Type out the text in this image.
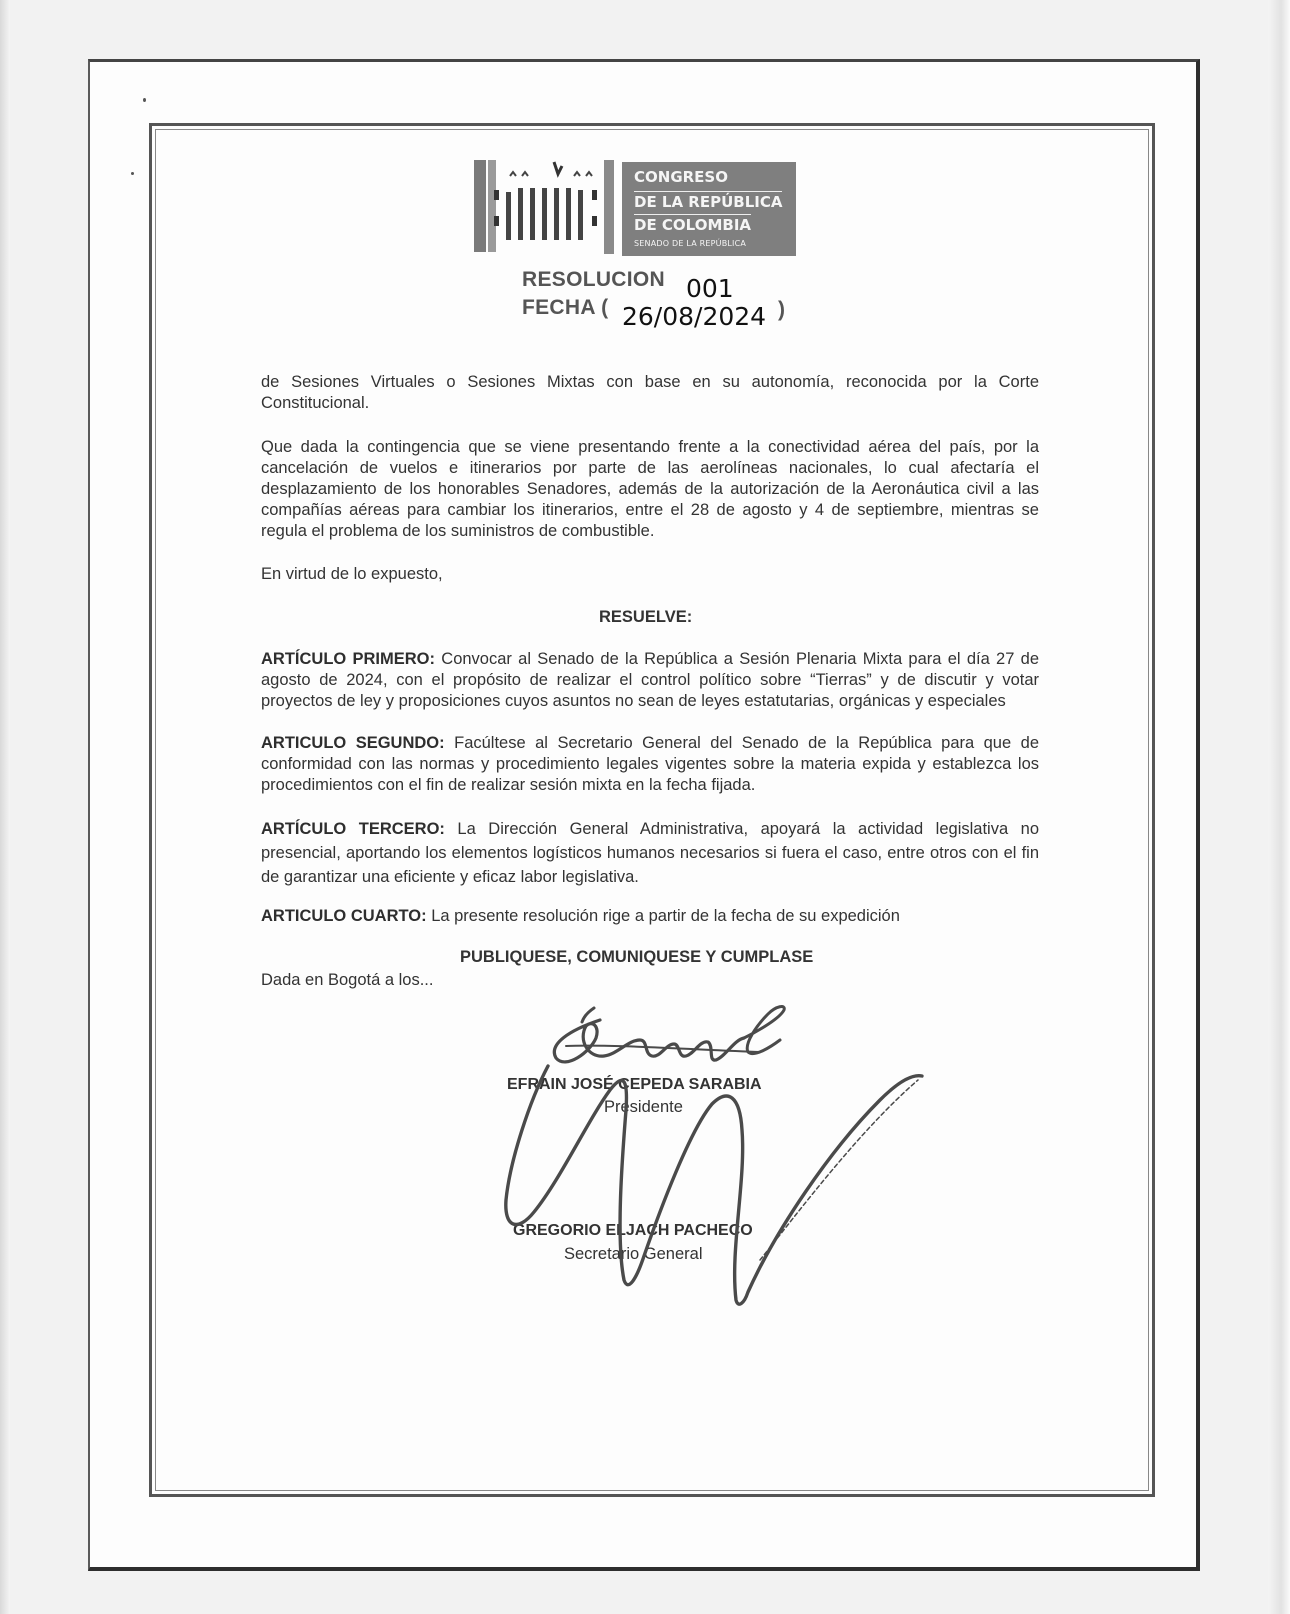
CONGRESO
DE LA REPÚBLICA
DE COLOMBIA
SENADO DE LA REPÚBLICA
RESOLUCION 001
FECHA ( 26/08/2024 )

de Sesiones Virtuales o Sesiones Mixtas con base en su autonomía, reconocida por la Corte Constitucional.

Que dada la contingencia que se viene presentando frente a la conectividad aérea del país, por la cancelación de vuelos e itinerarios por parte de las aerolíneas nacionales, lo cual afectaría el desplazamiento de los honorables Senadores, además de la autorización de la Aeronáutica civil a las compañías aéreas para cambiar los itinerarios, entre el 28 de agosto y 4 de septiembre, mientras se regula el problema de los suministros de combustible.

En virtud de lo expuesto,

RESUELVE:

ARTÍCULO PRIMERO: Convocar al Senado de la República a Sesión Plenaria Mixta para el día 27 de agosto de 2024, con el propósito de realizar el control político sobre “Tierras” y de discutir y votar proyectos de ley y proposiciones cuyos asuntos no sean de leyes estatutarias, orgánicas y especiales

ARTICULO SEGUNDO: Facúltese al Secretario General del Senado de la República para que de conformidad con las normas y procedimiento legales vigentes sobre la materia expida y establezca los procedimientos con el fin de realizar sesión mixta en la fecha fijada.

ARTÍCULO TERCERO: La Dirección General Administrativa, apoyará la actividad legislativa no presencial, aportando los elementos logísticos humanos necesarios si fuera el caso, entre otros con el fin de garantizar una eficiente y eficaz labor legislativa.

ARTICULO CUARTO: La presente resolución rige a partir de la fecha de su expedición

PUBLIQUESE, COMUNIQUESE Y CUMPLASE

Dada en Bogotá a los...

EFRAIN JOSÉ CEPEDA SARABIA
Presidente
GREGORIO ELJACH PACHECO
Secretario General
